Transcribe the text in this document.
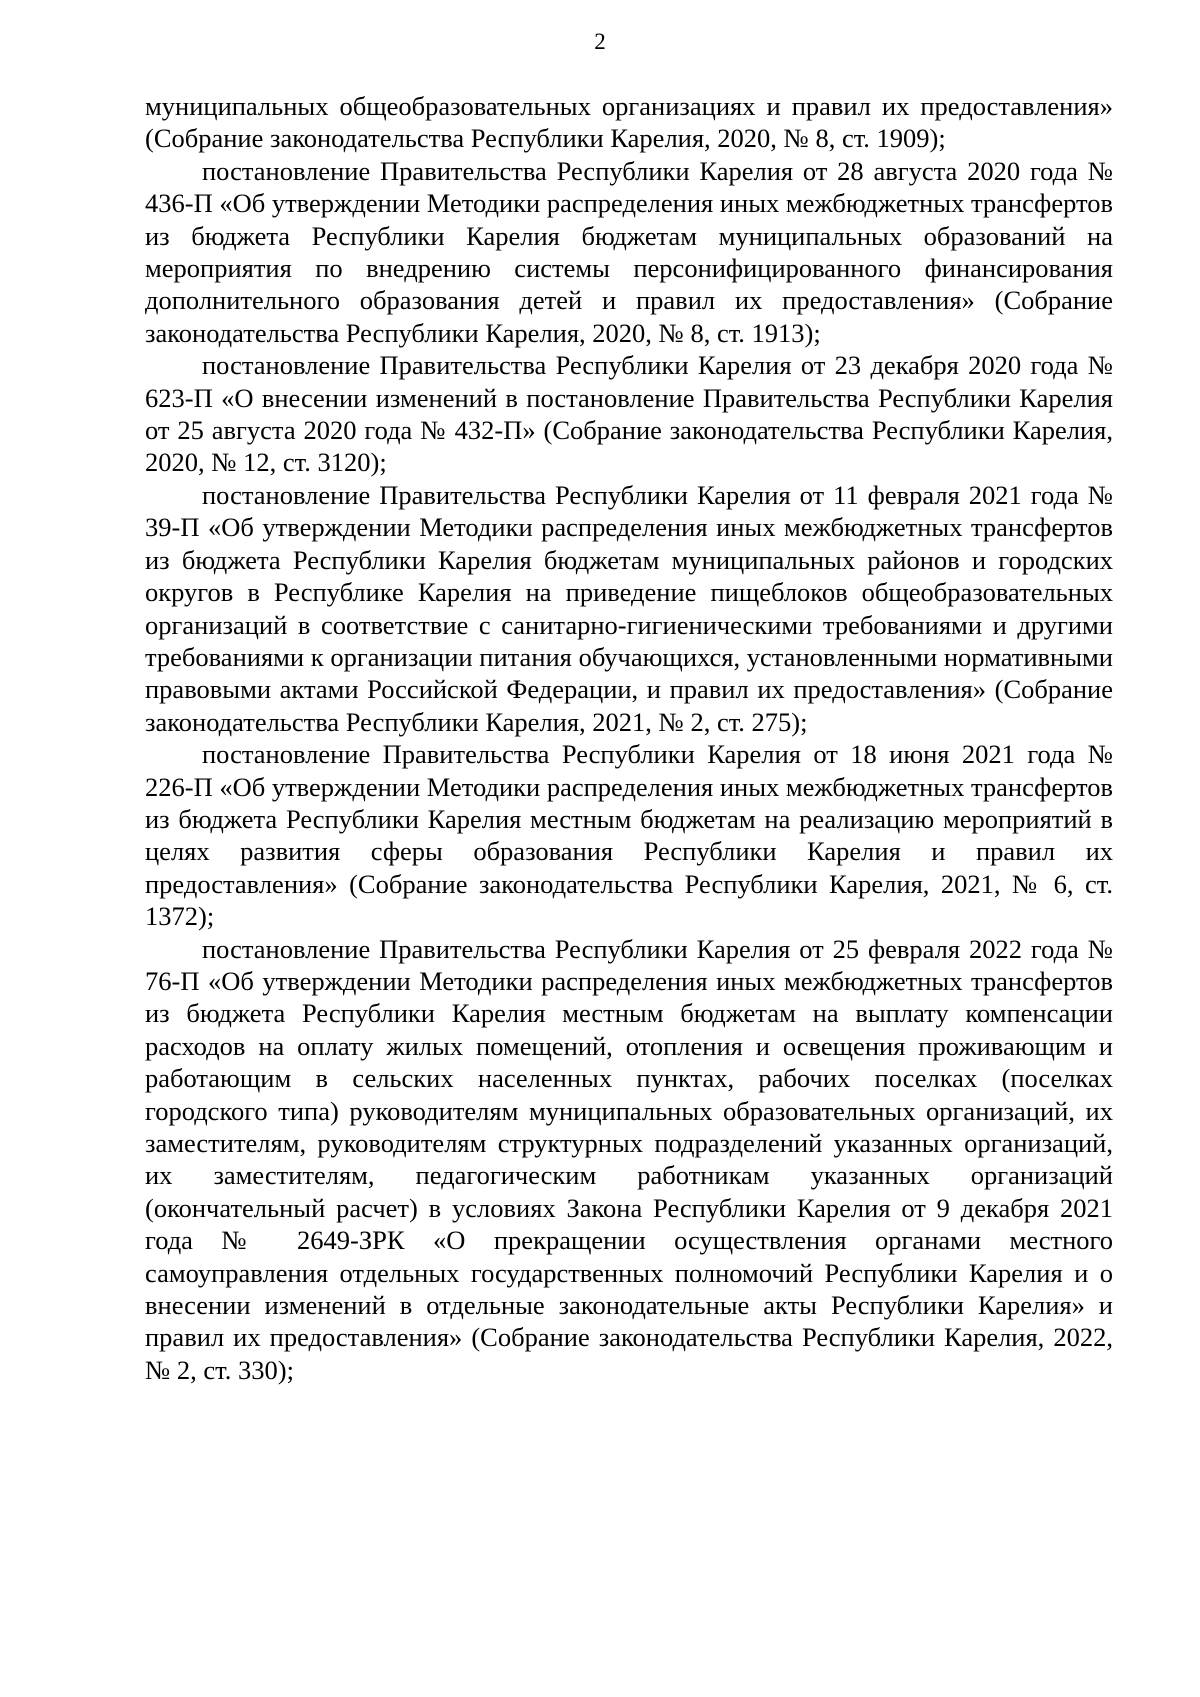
2

муниципальных общеобразовательных организациях и правил их предоставления» (Собрание законодательства Республики Карелия, 2020, № 8, ст. 1909);

постановление Правительства Республики Карелия от 28 августа 2020 года № 436-П «Об утверждении Методики распределения иных межбюджетных трансфертов из бюджета Республики Карелия бюджетам муниципальных образований на мероприятия по внедрению системы персонифицированного финансирования дополнительного образования детей и правил их предоставления» (Собрание законодательства Республики Карелия, 2020, № 8, ст. 1913);

постановление Правительства Республики Карелия от 23 декабря 2020 года № 623-П «О внесении изменений в постановление Правительства Республики Карелия от 25 августа 2020 года № 432-П» (Собрание законодательства Республики Карелия, 2020, № 12, ст. 3120);

постановление Правительства Республики Карелия от 11 февраля 2021 года № 39-П «Об утверждении Методики распределения иных межбюджетных трансфертов из бюджета Республики Карелия бюджетам муниципальных районов и городских округов в Республике Карелия на приведение пищеблоков общеобразовательных организаций в соответствие с санитарно-гигиеническими требованиями и другими требованиями к организации питания обучающихся, установленными нормативными правовыми актами Российской Федерации, и правил их предоставления» (Собрание законодательства Республики Карелия, 2021, № 2, ст. 275);

постановление Правительства Республики Карелия от 18 июня 2021 года № 226-П «Об утверждении Методики распределения иных межбюджетных трансфертов из бюджета Республики Карелия местным бюджетам на реализацию мероприятий в целях развития сферы образования Республики Карелия и правил их предоставления» (Собрание законодательства Республики Карелия, 2021, № 6, ст. 1372);

постановление Правительства Республики Карелия от 25 февраля 2022 года № 76-П «Об утверждении Методики распределения иных межбюджетных трансфертов из бюджета Республики Карелия местным бюджетам на выплату компенсации расходов на оплату жилых помещений, отопления и освещения проживающим и работающим в сельских населенных пунктах, рабочих поселках (поселках городского типа) руководителям муниципальных образовательных организаций, их заместителям, руководителям структурных подразделений указанных организаций, их заместителям, педагогическим работникам указанных организаций (окончательный расчет) в условиях Закона Республики Карелия от 9 декабря 2021 года № 2649-ЗРК «О прекращении осуществления органами местного самоуправления отдельных государственных полномочий Республики Карелия и о внесении изменений в отдельные законодательные акты Республики Карелия» и правил их предоставления» (Собрание законодательства Республики Карелия, 2022, № 2, ст. 330);
